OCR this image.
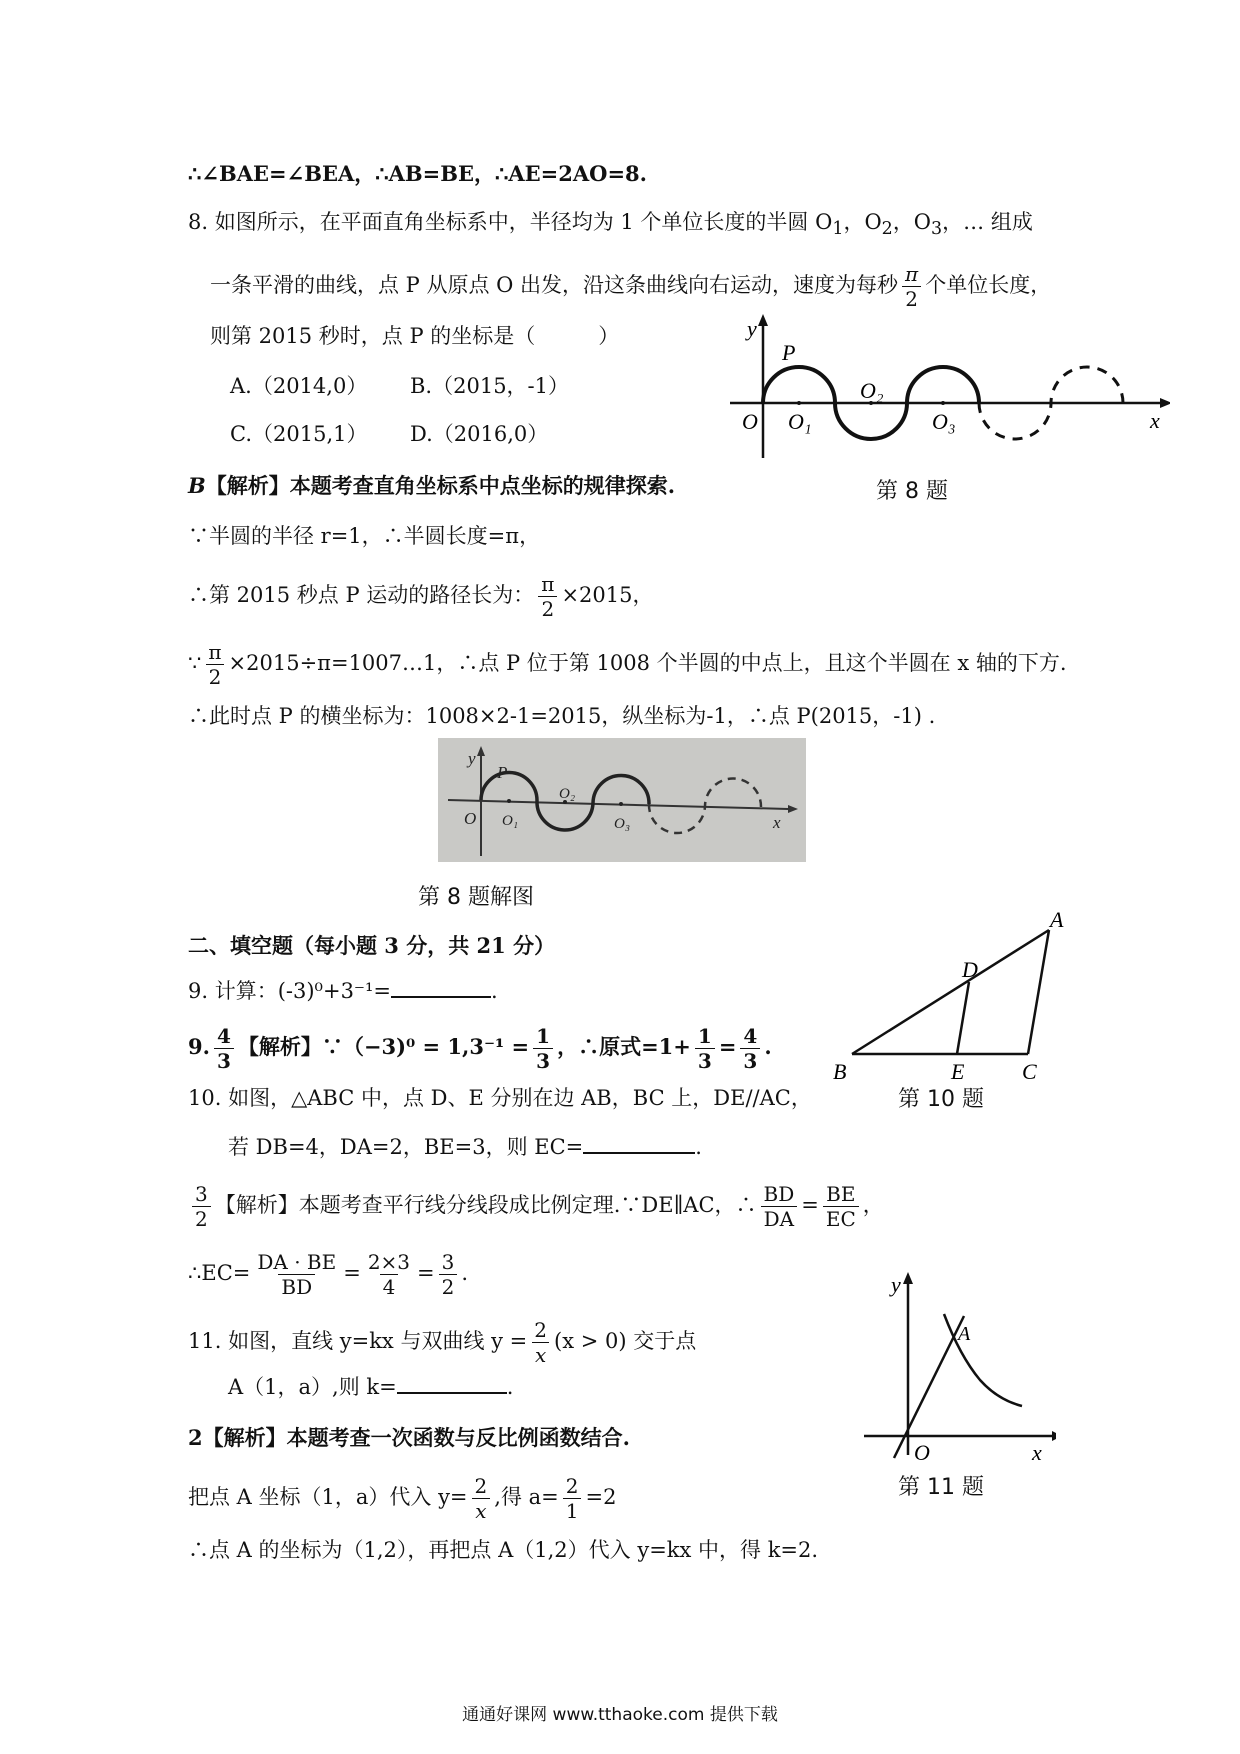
∴∠BAE=∠BEA，∴AB=BE，∴AE=2AO=8.
8. 如图所示，在平面直角坐标系中，半径均为 1 个单位长度的半圆 $O_1$，$O_2$，$O_3$，… 组成
一条平滑的曲线，点 P 从原点 O 出发，沿这条曲线向右运动，速度为每秒 $\frac{\pi}{2}$ 个单位长度，
则第 2015 秒时，点 P 的坐标是（　　　）
A.（2014,0） B.（2015，-1）
C.（2015,1） D.（2016,0）
y
x
O
P
O₁
O₂
O₃
第 8 题
B【解析】本题考查直角坐标系中点坐标的规律探索.
∵半圆的半径 r=1，∴半圆长度=π，
∴第 2015 秒点 P 运动的路径长为： $\frac{\pi}{2} \times 2015$，
∵ $\frac{\pi}{2}$ ×2015÷π=1007…1，∴点 P 位于第 1008 个半圆的中点上，且这个半圆在 x 轴的下方.
∴此时点 P 的横坐标为：1008×2-1=2015，纵坐标为-1，∴点 P(2015，-1) .
y
x
O
P
O₁
O₂
O₃
第 8 题解图
二、填空题（每小题 3 分，共 21 分）
A
B	C
D
E
第 10 题
9. 计算：(-3)⁰+3⁻¹=	.
9. $\frac{4}{3}$ 【解析】∵（−3)⁰ = $1,3^{-1} = \frac{1}{3}$ ，∴原式$=1+ \frac{1}{3} = \frac{4}{3}$ .
10. 如图，△ABC 中，点 D、E 分别在边 AB，BC 上，DE//AC，
若 DB=4，DA=2，BE=3，则 EC=	.
$\frac{3}{2}$ 【解析】本题考查平行线分线段成比例定理.∵DE∥AC，∴ $\frac{BD}{DA} = \frac{BE}{EC}$ ，
∴EC= $\frac{DA \cdot BE}{BD} = \frac{2\times 3}{4} = \frac{3}{2}$ .	y
x
O
A
第 11 题
11. 如图，直线 y=kx 与双曲线 $y = \frac{2}{x} (x > 0)$ 交于点
A（1，a）,则 k=	.
2【解析】本题考查一次函数与反比例函数结合.
把点 A 坐标（1，a）代入 $y= \frac{2}{x}$ ,得 $a= \frac{2}{1} =2$
∴点 A 的坐标为（1,2），再把点 A（1,2）代入 y=kx 中，得 k=2.
通通好课网 www.tthaoke.com 提供下载
